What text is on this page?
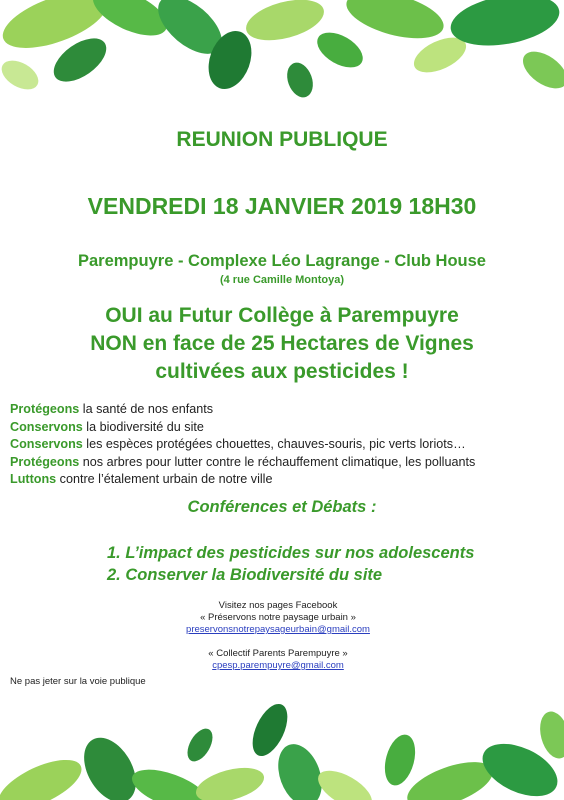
REUNION PUBLIQUE
VENDREDI 18 JANVIER 2019 18H30
Parempuyre - Complexe Léo Lagrange - Club House
(4 rue Camille Montoya)
OUI au Futur Collège à Parempuyre
NON en face de 25 Hectares de Vignes
cultivées aux pesticides !
Protégeons la santé de nos enfants
Conservons la biodiversité du site
Conservons les espèces protégées chouettes, chauves-souris, pic verts loriots…
Protégeons nos arbres pour lutter contre le réchauffement climatique, les polluants
Luttons contre l’étalement urbain de notre ville
Conférences et Débats :
1. L’impact des pesticides sur nos adolescents
2. Conserver la Biodiversité du site
Visitez nos pages Facebook
« Préservons notre paysage urbain »
preservonsnotrepaysageurbain@gmail.com
« Collectif Parents Parempuyre »
cpesp.parempuyre@gmail.com
Ne pas jeter sur la voie publique
